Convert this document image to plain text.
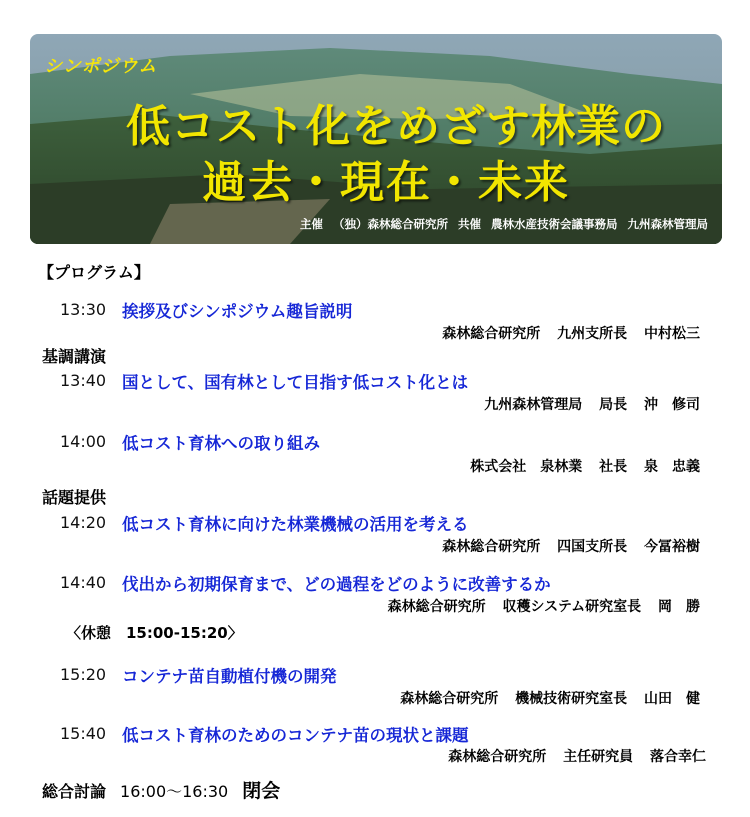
シンポジウム
低コスト化をめざす林業の
過去・現在・未来
主催 （独）森林総合研究所 共催 農林水産技術会議事務局 九州森林管理局
【プログラム】
13:30 挨拶及びシンポジウム趣旨説明
森林総合研究所 九州支所長 中村松三
基調講演
13:40 国として、国有林として目指す低コスト化とは
九州森林管理局 局長 沖　修司
14:00 低コスト育林への取り組み
株式会社　泉林業 社長 泉　忠義
話題提供
14:20 低コスト育林に向けた林業機械の活用を考える
森林総合研究所 四国支所長 今冨裕樹
14:40 伐出から初期保育まで、どの過程をどのように改善するか
森林総合研究所 収穫システム研究室長 岡　勝
〈休憩　15:00-15:20〉
15:20 コンテナ苗自動植付機の開発
森林総合研究所 機械技術研究室長 山田　健
15:40 低コスト育林のためのコンテナ苗の現状と課題
森林総合研究所 主任研究員 落合幸仁
総合討論 16:00〜16:30 閉会
